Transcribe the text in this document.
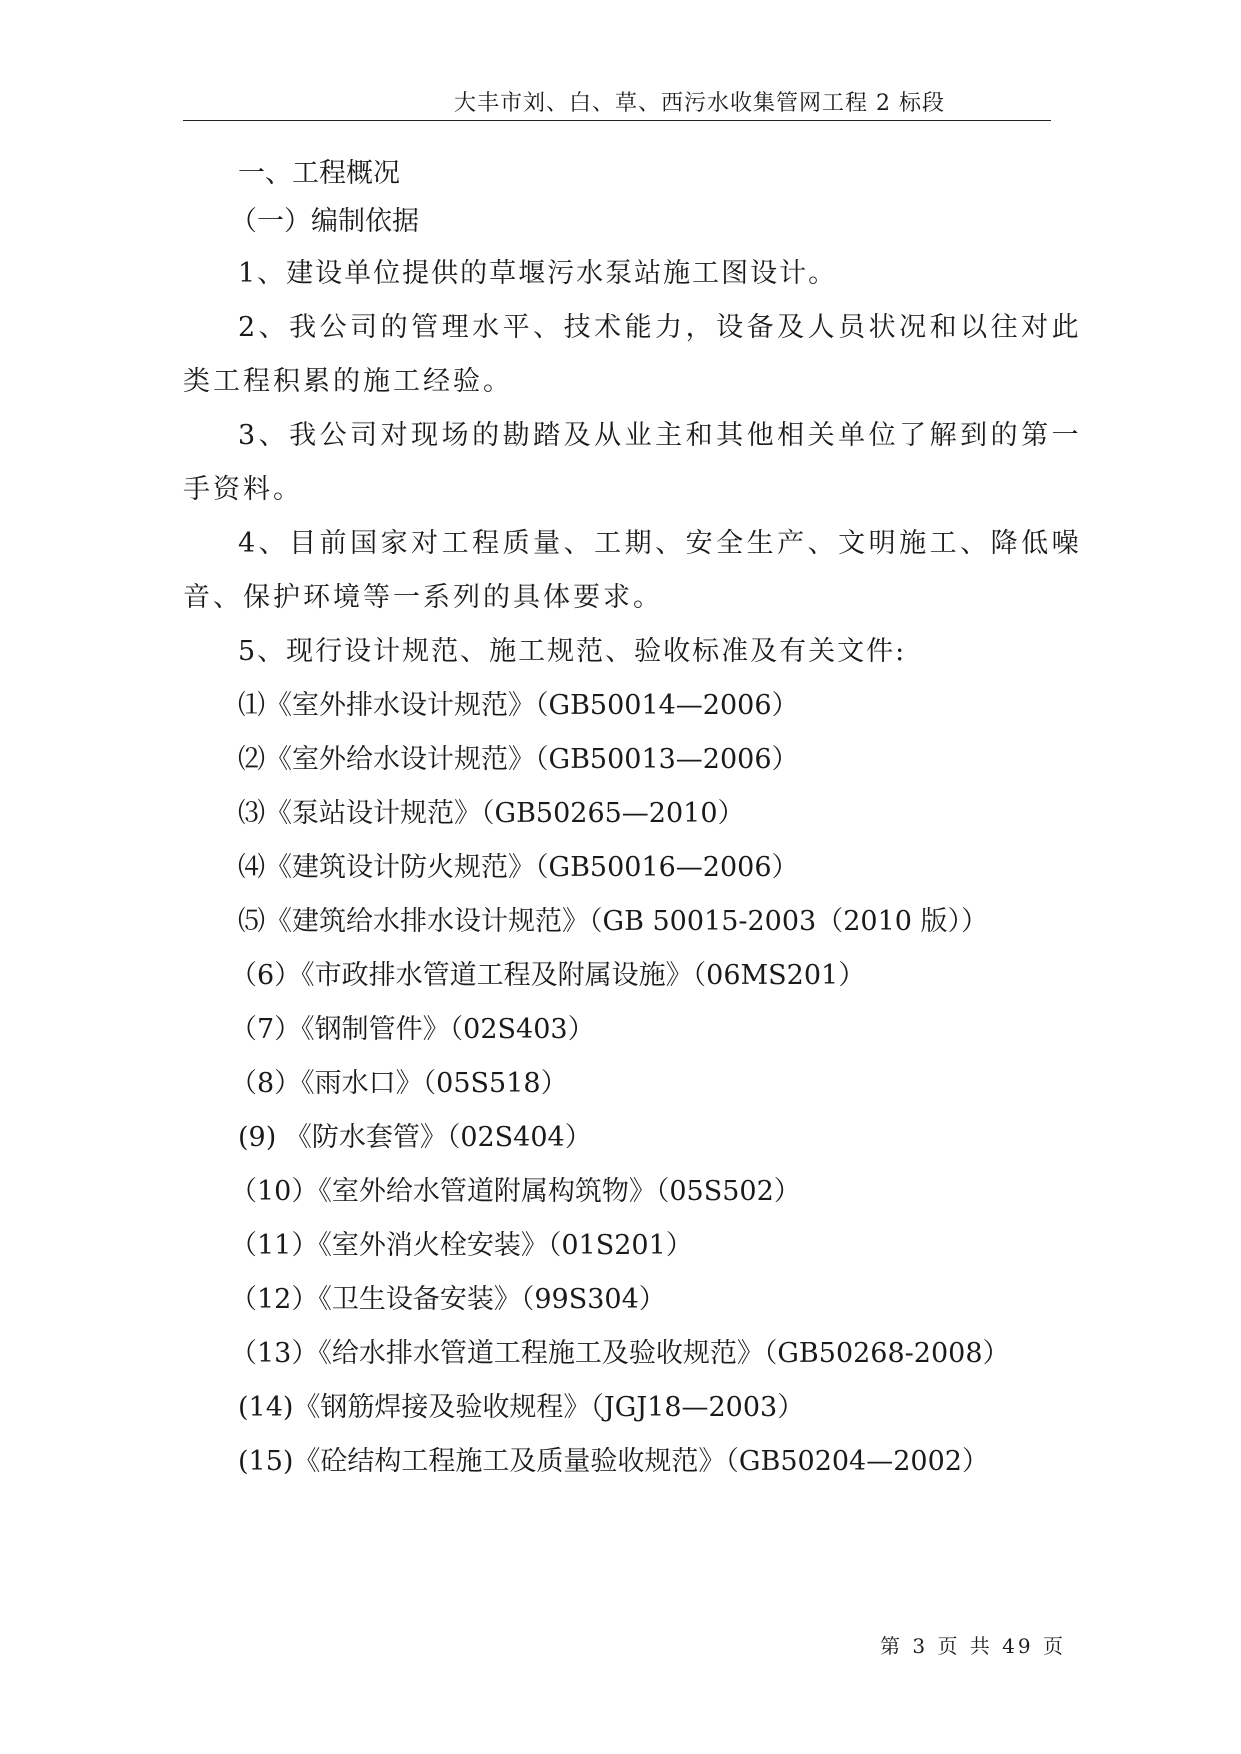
大丰市刘、白、草、西污水收集管网工程 2 标段
一、工程概况
（一）编制依据
1、建设单位提供的草堰污水泵站施工图设计。
2、我公司的管理水平、技术能力，设备及人员状况和以往对此
类工程积累的施工经验。
3、我公司对现场的勘踏及从业主和其他相关单位了解到的第一
手资料。
4、目前国家对工程质量、工期、安全生产、文明施工、降低噪
音、保护环境等一系列的具体要求。
5、现行设计规范、施工规范、验收标准及有关文件:
⑴《室外排水设计规范》（GB50014—2006）
⑵《室外给水设计规范》（GB50013—2006）
⑶《泵站设计规范》（GB50265—2010）
⑷《建筑设计防火规范》（GB50016—2006）
⑸《建筑给水排水设计规范》（GB 50015-2003（2010 版））
（6）《市政排水管道工程及附属设施》（06MS201）
（7）《钢制管件》（02S403）
（8）《雨水口》（05S518）
(9) 《防水套管》（02S404）
（10）《室外给水管道附属构筑物》（05S502）
（11）《室外消火栓安装》（01S201）
（12）《卫生设备安装》（99S304）
（13）《给水排水管道工程施工及验收规范》（GB50268-2008）
(14)《钢筋焊接及验收规程》（JGJ18—2003）
(15)《砼结构工程施工及质量验收规范》（GB50204—2002）
第 3 页 共 49 页
